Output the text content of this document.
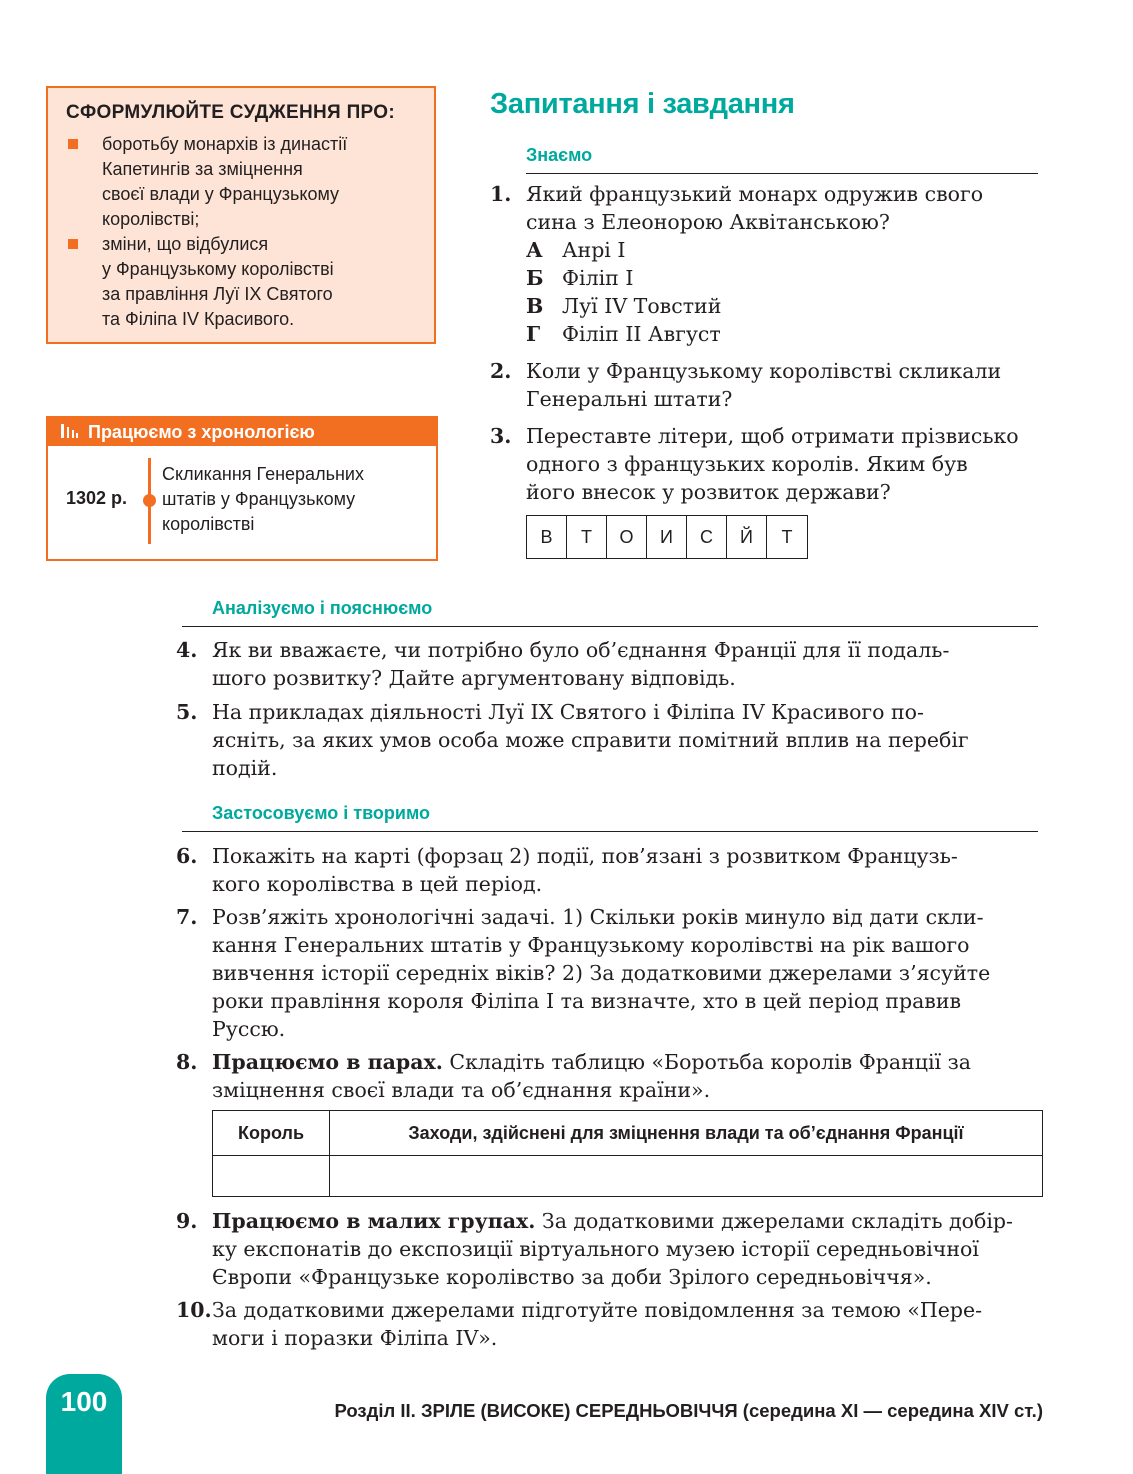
СФОРМУЛЮЙТЕ СУДЖЕННЯ ПРО:
боротьбу монархів із династії
Капетингів за зміцнення
своєї влади у Французькому
королівстві;
зміни, що відбулися
у Французькому королівстві
за правління Луї IX Святого
та Філіпа IV Красивого.
Працюємо з хронологією
1302 р.
Скликання Генеральних
штатів у Французькому
королівстві
Запитання і завдання
Знаємо
1. Який французький монарх одружив свого
сина з Елеонорою Аквітанською?
А Анрі I
Б Філіп I
В Луї IV Товстий
Г Філіп II Август
2. Коли у Французькому королівстві скликали
Генеральні штати?
3. Переставте літери, щоб отримати прізвисько
одного з французьких королів. Яким був
його внесок у розвиток держави?
В	Т	О	И	С	Й	Т
Аналізуємо і пояснюємо
4. Як ви вважаєте, чи потрібно було об’єднання Франції для її подаль-
шого розвитку? Дайте аргументовану відповідь.
5. На прикладах діяльності Луї IX Святого і Філіпа IV Красивого по-
ясніть, за яких умов особа може справити помітний вплив на перебіг
подій.
Застосовуємо і творимо
6. Покажіть на карті (форзац 2) події, пов’язані з розвитком Французь-
кого королівства в цей період.
7. Розв’яжіть хронологічні задачі. 1) Скільки років минуло від дати скли-
кання Генеральних штатів у Французькому королівстві на рік вашого
вивчення історії середніх віків? 2) За додатковими джерелами з’ясуйте
роки правління короля Філіпа I та визначте, хто в цей період правив
Руссю.
8. Працюємо в парах. Складіть таблицю «Боротьба королів Франції за
зміцнення своєї влади та об’єднання країни».
Король	Заходи, здійснені для зміцнення влади та об’єднання Франції

9. Працюємо в малих групах. За додатковими джерелами складіть добір-
ку експонатів до експозиції віртуального музею історії середньовічної
Європи «Французьке королівство за доби Зрілого середньовіччя».
10. За додатковими джерелами підготуйте повідомлення за темою «Пере-
моги і поразки Філіпа IV».
100	Розділ II. ЗРІЛЕ (ВИСОКЕ) СЕРЕДНЬОВІЧЧЯ (середина XI — середина XIV ст.)
